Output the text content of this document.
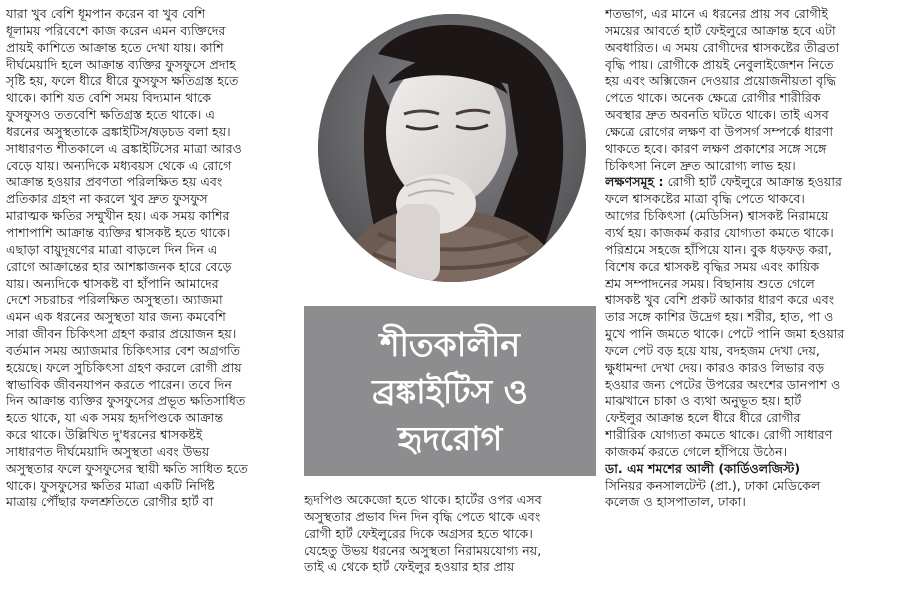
যারা খুব বেশি ধূমপান করেন বা খুব বেশি
ধূলাময় পরিবেশে কাজ করেন এমন ব্যক্তিদের
প্রায়ই কাশিতে আক্রান্ত হতে দেখা যায়। কাশি
দীর্ঘমেয়াদি হলে আক্রান্ত ব্যক্তির ফুসফুসে প্রদাহ
সৃষ্টি হয়, ফলে ধীরে ধীরে ফুসফুস ক্ষতিগ্রস্ত হতে
থাকে। কাশি যত বেশি সময় বিদ্যমান থাকে
ফুসফুসও ততবেশি ক্ষতিগ্রস্ত হতে থাকে। এ
ধরনের অসুস্থতাকে ব্রঙ্কাইটিস/ষড়চড বলা হয়।
সাধারণত শীতকালে এ ব্রঙ্কাইটিসের মাত্রা আরও
বেড়ে যায়। অন্যদিকে মধ্যবয়স থেকে এ রোগে
আক্রান্ত হওয়ার প্রবণতা পরিলক্ষিত হয় এবং
প্রতিকার গ্রহণ না করলে খুব দ্রুত ফুসফুস
মারাত্মক ক্ষতির সম্মুখীন হয়। এক সময় কাশির
পাশাপাশি আক্রান্ত ব্যক্তির শ্বাসকষ্ট হতে থাকে।
এছাড়া বায়ুদূষণের মাত্রা বাড়লে দিন দিন এ
রোগে আক্রান্তের হার আশঙ্কাজনক হারে বেড়ে
যায়। অন্যদিকে শ্বাসকষ্ট বা হাঁপানি আমাদের
দেশে সচরাচর পরিলক্ষিত অসুস্থতা। অ্যাজমা
এমন এক ধরনের অসুস্থতা যার জন্য কমবেশি
সারা জীবন চিকিৎসা গ্রহণ করার প্রয়োজন হয়।
বর্তমান সময় অ্যাজমার চিকিৎসার বেশ অগ্রগতি
হয়েছে। ফলে সুচিকিৎসা গ্রহণ করলে রোগী প্রায়
স্বাভাবিক জীবনযাপন করতে পারেন। তবে দিন
দিন আক্রান্ত ব্যক্তির ফুসফুসের প্রভূত ক্ষতিসাধিত
হতে থাকে, যা এক সময় হৃদপিণ্ডকে আক্রান্ত
করে থাকে। উল্লিখিত দু'ধরনের শ্বাসকষ্টই
সাধারণত দীর্ঘমেয়াদি অসুস্থতা এবং উভয়
অসুস্থতার ফলে ফুসফুসের স্থায়ী ক্ষতি সাধিত হতে
থাকে। ফুসফুসের ক্ষতির মাত্রা একটি নির্দিষ্ট
মাত্রায় পৌঁছার ফলশ্রুতিতে রোগীর হার্ট বা

শীতকালীন
ব্রঙ্কাইটিস ও
হৃদরোগ

হৃদপিণ্ড অকেজো হতে থাকে। হার্টের ওপর এসব
অসুস্থতার প্রভাব দিন দিন বৃদ্ধি পেতে থাকে এবং
রোগী হার্ট ফেইলুরের দিকে অগ্রসর হতে থাকে।
যেহেতু উভয় ধরনের অসুস্থতা নিরাময়যোগ্য নয়,
তাই এ থেকে হার্ট ফেইলুর হওয়ার হার প্রায়

শতভাগ, এর মানে এ ধরনের প্রায় সব রোগীই
সময়ের আবর্তে হার্ট ফেইলুরে আক্রান্ত হবে এটা
অবধারিত। এ সময় রোগীদের শ্বাসকষ্টের তীব্রতা
বৃদ্ধি পায়। রোগীকে প্রায়ই নেবুলাইজেশন নিতে
হয় এবং অক্সিজেন দেওয়ার প্রয়োজনীয়তা বৃদ্ধি
পেতে থাকে। অনেক ক্ষেত্রে রোগীর শারীরিক
অবস্থার দ্রুত অবনতি ঘটতে থাকে। তাই এসব
ক্ষেত্রে রোগের লক্ষণ বা উপসর্গ সম্পর্কে ধারণা
থাকতে হবে। কারণ লক্ষণ প্রকাশের সঙ্গে সঙ্গে
চিকিৎসা নিলে দ্রুত আরোগ্য লাভ হয়।
লক্ষণসমূহ : রোগী হার্ট ফেইলুরে আক্রান্ত হওয়ার
ফলে শ্বাসকষ্টের মাত্রা বৃদ্ধি পেতে থাকবে।
আগের চিকিৎসা (মেডিসিন) শ্বাসকষ্ট নিরাময়ে
ব্যর্থ হয়। কাজকর্ম করার যোগ্যতা কমতে থাকে।
পরিশ্রমে সহজে হাঁপিয়ে যান। বুক ধড়ফড় করা,
বিশেষ করে শ্বাসকষ্ট বৃদ্ধির সময় এবং কায়িক
শ্রম সম্পাদনের সময়। বিছানায় শুতে গেলে
শ্বাসকষ্ট খুব বেশি প্রকট আকার ধারণ করে এবং
তার সঙ্গে কাশির উদ্রেগ হয়। শরীর, হাত, পা ও
মুখে পানি জমতে থাকে। পেটে পানি জমা হওয়ার
ফলে পেট বড় হয়ে যায়, বদহজম দেখা দেয়,
ক্ষুধামন্দা দেখা দেয়। কারও কারও লিভার বড়
হওয়ার জন্য পেটের উপরের অংশের ডানপাশ ও
মাঝখানে চাকা ও ব্যথা অনুভূত হয়। হার্ট
ফেইলুর আক্রান্ত হলে ধীরে ধীরে রোগীর
শারীরিক যোগ্যতা কমতে থাকে। রোগী সাধারণ
কাজকর্ম করতে গেলে হাঁপিয়ে উঠেন।
ডা. এম শমশের আলী (কার্ডিওলজিস্ট)
সিনিয়র কনসালটেন্ট (প্রা.), ঢাকা মেডিকেল
কলেজ ও হাসপাতাল, ঢাকা।
